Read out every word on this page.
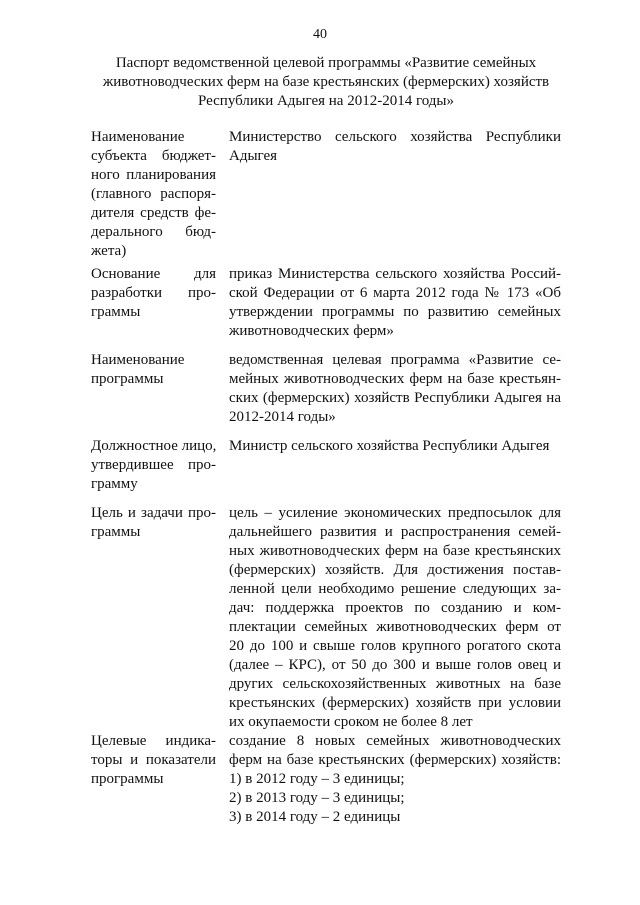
40
Паспорт ведомственной целевой программы «Развитие семейных
животноводческих ферм на базе крестьянских (фермерских) хозяйств
Республики Адыгея на 2012-2014 годы»
Наименование
субъекта бюджет-
ного планирования
(главного распоря-
дителя средств фе-
дерального бюд-
жета)
Министерство сельского хозяйства Республики
Адыгея
Основание для
разработки про-
граммы
приказ Министерства сельского хозяйства Россий-
ской Федерации от 6 марта 2012 года № 173 «Об
утверждении программы по развитию семейных
животноводческих ферм»
Наименование
программы
ведомственная целевая программа «Развитие се-
мейных животноводческих ферм на базе крестьян-
ских (фермерских) хозяйств Республики Адыгея на
2012-2014 годы»
Должностное лицо,
утвердившее про-
грамму
Министр сельского хозяйства Республики Адыгея
Цель и задачи про-
граммы
цель – усиление экономических предпосылок для
дальнейшего развития и распространения семей-
ных животноводческих ферм на базе крестьянских
(фермерских) хозяйств. Для достижения постав-
ленной цели необходимо решение следующих за-
дач: поддержка проектов по созданию и ком-
плектации семейных животноводческих ферм от
20 до 100 и свыше голов крупного рогатого скота
(далее – КРС), от 50 до 300 и выше голов овец и
других сельскохозяйственных животных на базе
крестьянских (фермерских) хозяйств при условии
их окупаемости сроком не более 8 лет
Целевые индика-
торы и показатели
программы
создание 8 новых семейных животноводческих
ферм на базе крестьянских (фермерских) хозяйств:
1) в 2012 году – 3 единицы;
2) в 2013 году – 3 единицы;
3) в 2014 году – 2 единицы
